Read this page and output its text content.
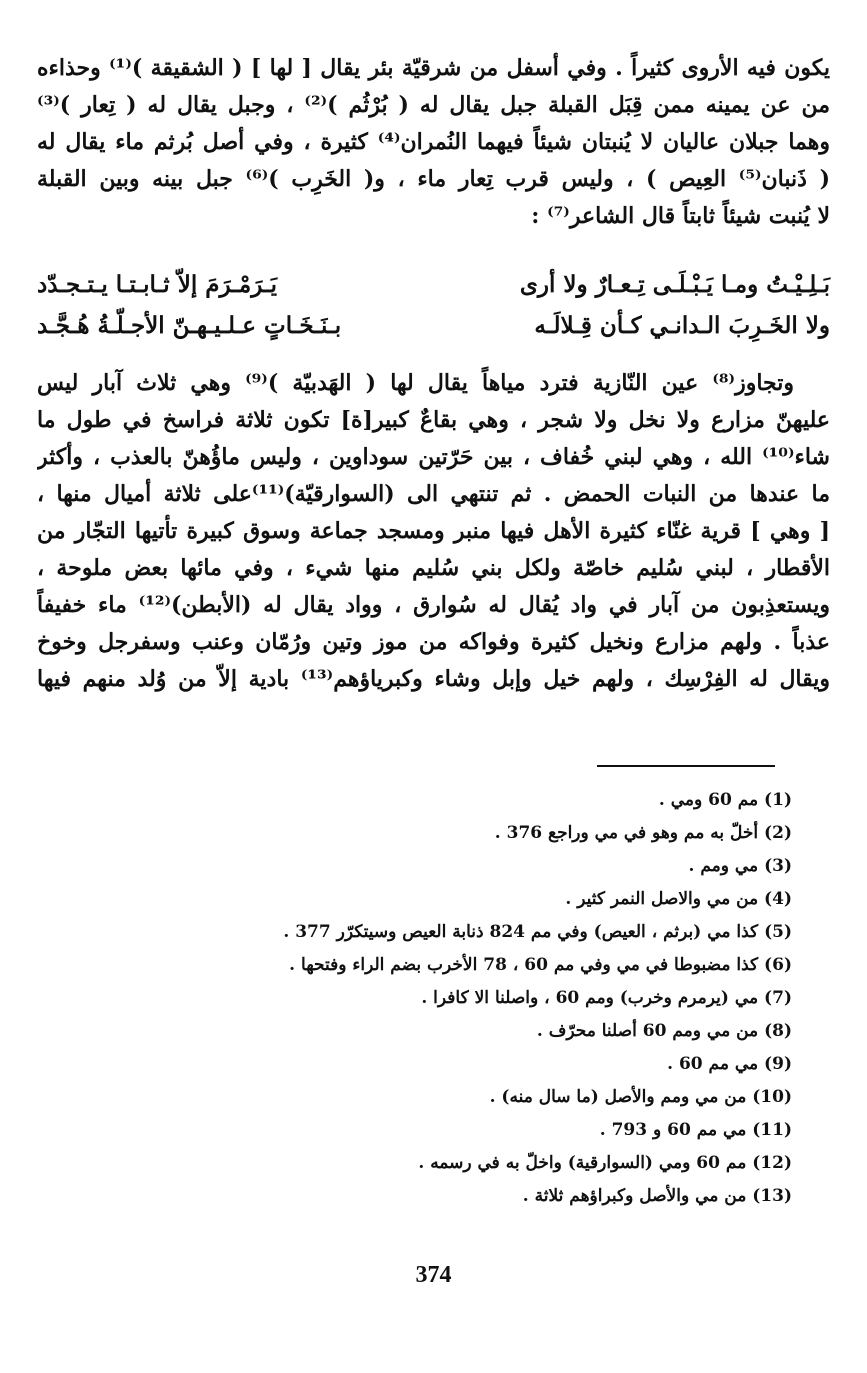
يكون فيه الأروى كثيراً . وفي أسفل من شرقيّة بئر يقال [ لها ] ( الشقيقة )⁽¹⁾ وحذاءه
من عن يمينه ممن قِبَل القبلة جبل يقال له ( بُرْثُم )⁽²⁾ ، وجبل يقال له ( تِعار )⁽³⁾
وهما جبلان عاليان لا يُنبتان شيئاً فيهما النُمران⁽⁴⁾ كثيرة ، وفي أصل بُرثم ماء يقال له
( ذَنبان⁽⁵⁾ العِيص ) ، وليس قرب تِعار ماء ، و( الخَرِب )⁽⁶⁾ جبل بينه وبين القبلة
لا يُنبت شيئاً ثابتاً قال الشاعر⁽⁷⁾ :
بَـلِـيْـتُ ومـا يَـبْـلَـى تِـعـارٌ ولا أرى
يَـرَمْـرَمَ إلاّ ثـابـتـا يـتـجـدّد
ولا الخَـرِبَ الـدانـي كـأن قِـلالَـه
بـنَـخَـاتٍ عـلـيـهـنّ الأجـلّـةُ هُـجَّـد
وتجاوز⁽⁸⁾ عين النّازية فترد مياهاً يقال لها ( الهَدبيّة )⁽⁹⁾ وهي ثلاث آبار ليس
عليهنّ مزارع ولا نخل ولا شجر ، وهي بقاعٌ كبير[ة] تكون ثلاثة فراسخ في طول ما
شاء⁽¹⁰⁾ الله ، وهي لبني خُفاف ، بين حَرّتين سوداوين ، وليس ماؤُهنّ بالعذب ، وأكثر
ما عندها من النبات الحمض . ثم تنتهي الى (السوارقيّة)⁽¹¹⁾على ثلاثة أميال منها ،
[ وهي ] قرية غنّاء كثيرة الأهل فيها منبر ومسجد جماعة وسوق كبيرة تأتيها التجّار من
الأقطار ، لبني سُليم خاصّة ولكل بني سُليم منها شيء ، وفي مائها بعض ملوحة ،
ويستعذِبون من آبار في واد يُقال له سُوارق ، وواد يقال له (الأبطن)⁽¹²⁾ ماء خفيفاً
عذباً . ولهم مزارع ونخيل كثيرة وفواكه من موز وتين ورُمّان وعنب وسفرجل وخوخ
ويقال له الفِرْسِك ، ولهم خيل وإبل وشاء وكبرياؤهم⁽¹³⁾ بادية إلاّ من وُلد منهم فيها
(1) مم 60 ومي .
(2) أخلّ به مم وهو في مي وراجع 376 .
(3) مي ومم .
(4) من مي والاصل النمر كثير .
(5) كذا مي (برثم ، العيص) وفي مم 824 ذنابة العيص وسيتكرّر 377 .
(6) كذا مضبوطا في مي وفي مم 60 ، 78 الأخرب بضم الراء وفتحها .
(7) مي (يرمرم وخرب) ومم 60 ، واصلنا الا كافرا .
(8) من مي ومم 60 أصلنا محرّف .
(9) مي مم 60 .
(10) من مي ومم والأصل (ما سال منه) .
(11) مي مم 60 و 793 .
(12) مم 60 ومي (السوارقية) واخلّ به في رسمه .
(13) من مي والأصل وكبراؤهم ثلاثة .
374
